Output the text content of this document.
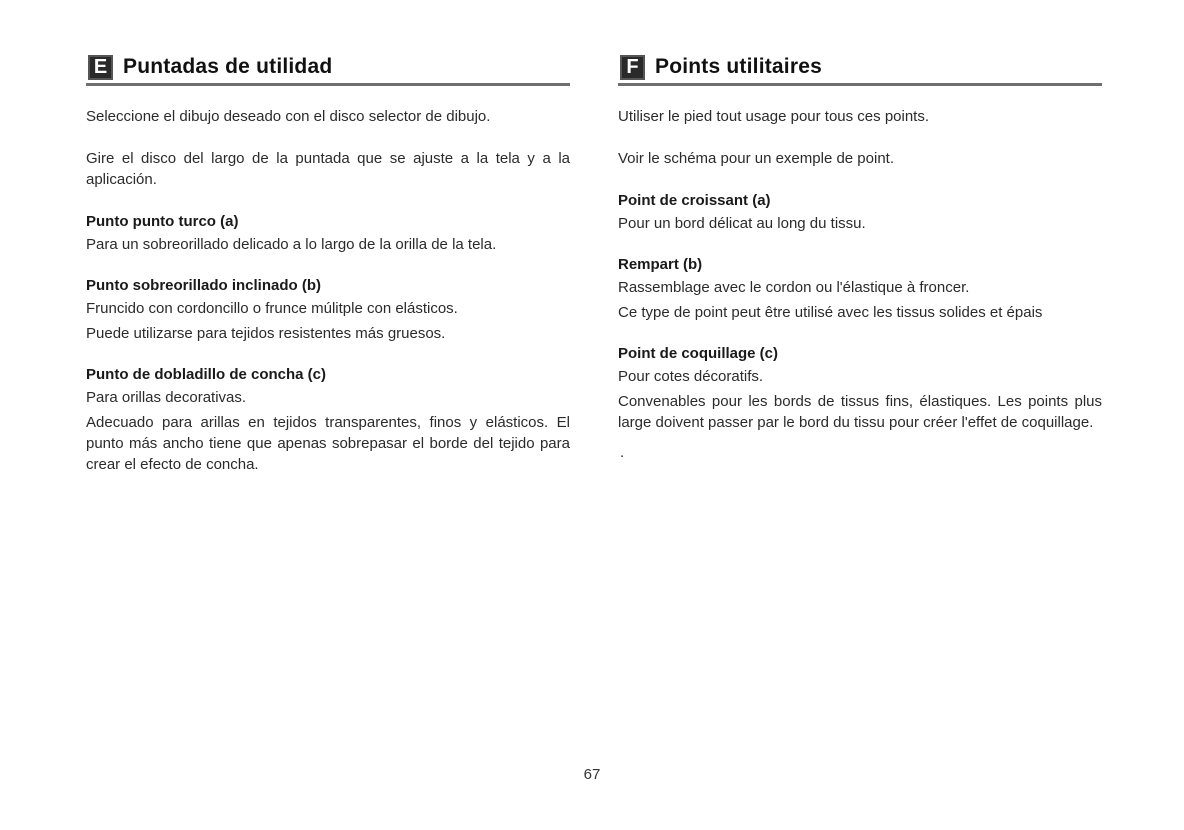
E Puntadas de utilidad

Seleccione el dibujo deseado con el disco selector de dibujo.

Gire el disco del largo de la puntada que se ajuste a la tela y a la aplicación.

Punto punto turco (a)
Para un sobreorillado delicado a lo largo de la orilla de la tela.
Punto sobreorillado inclinado (b)
Fruncido con cordoncillo o frunce múlitple con elásticos.
Puede utilizarse para tejidos resistentes más gruesos.
Punto de dobladillo de concha (c)
Para orillas decorativas.
Adecuado para arillas en tejidos transparentes, finos y elásticos. El punto más ancho tiene que apenas sobrepasar el borde del tejido para crear el efecto de concha.
F Points utilitaires

Utiliser le pied tout usage pour tous ces points.

Voir le schéma pour un exemple de point.

Point de croissant (a)
Pour un bord délicat au long du tissu.
Rempart (b)
Rassemblage avec le cordon ou l'élastique à froncer.
Ce type de point peut être utilisé avec les tissus solides et épais
Point de coquillage (c)
Pour cotes décoratifs.
Convenables pour les bords de tissus fins, élastiques. Les points plus large doivent passer par le bord du tissu pour créer l'effet de coquillage.
.
67
